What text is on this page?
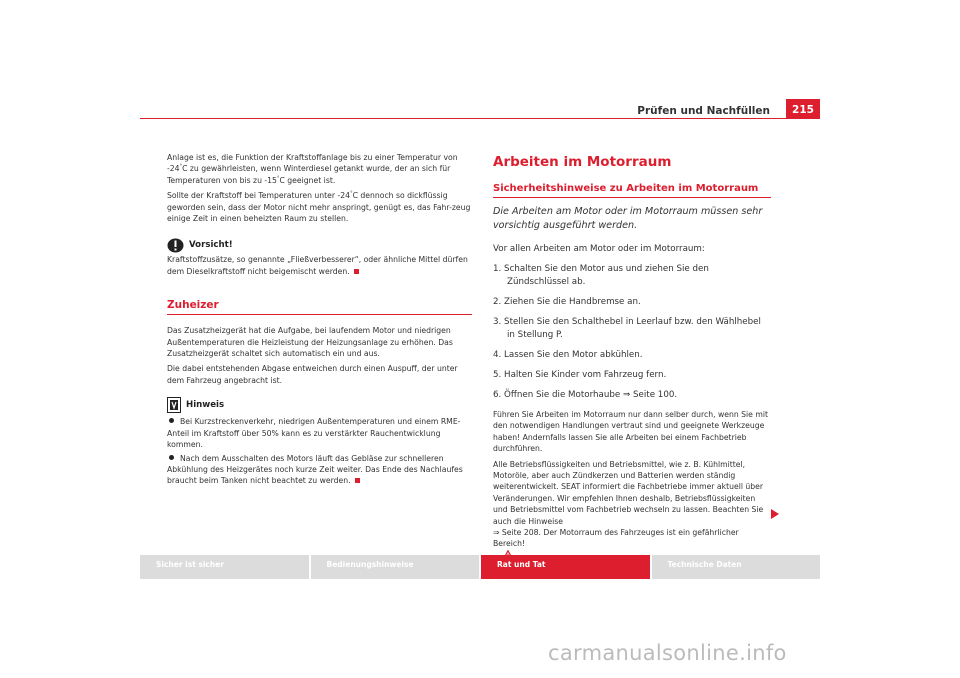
Prüfen und Nachfüllen	215

Anlage ist es, die Funktion der Kraftstoffanlage bis zu einer Temperatur von -24°C zu gewährleisten, wenn Winterdiesel getankt wurde, der an sich für Temperaturen von bis zu -15°C geeignet ist.

Sollte der Kraftstoff bei Temperaturen unter -24°C dennoch so dickflüssig geworden sein, dass der Motor nicht mehr anspringt, genügt es, das Fahr-zeug einige Zeit in einen beheizten Raum zu stellen.

Vorsicht!

Kraftstoffzusätze, so genannte „Fließverbesserer“, oder ähnliche Mittel dürfen dem Dieselkraftstoff nicht beigemischt werden.

Zuheizer

Das Zusatzheizgerät hat die Aufgabe, bei laufendem Motor und niedrigen Außentemperaturen die Heizleistung der Heizungsanlage zu erhöhen. Das Zusatzheizgerät schaltet sich automatisch ein und aus.

Die dabei entstehenden Abgase entweichen durch einen Auspuff, der unter dem Fahrzeug angebracht ist.

Hinweis
Bei Kurzstreckenverkehr, niedrigen Außentemperaturen und einem RME-Anteil im Kraftstoff über 50% kann es zu verstärkter Rauchentwicklung kommen.
Nach dem Ausschalten des Motors läuft das Gebläse zur schnelleren Abkühlung des Heizgerätes noch kurze Zeit weiter. Das Ende des Nachlaufes braucht beim Tanken nicht beachtet zu werden.
Arbeiten im Motorraum
Sicherheitshinweise zu Arbeiten im Motorraum
Die Arbeiten am Motor oder im Motorraum müssen sehr vorsichtig ausgeführt werden.
Vor allen Arbeiten am Motor oder im Motorraum:
1. Schalten Sie den Motor aus und ziehen Sie den Zündschlüssel ab.
2. Ziehen Sie die Handbremse an.
3. Stellen Sie den Schalthebel in Leerlauf bzw. den Wählhebel in Stellung P.
4. Lassen Sie den Motor abkühlen.
5. Halten Sie Kinder vom Fahrzeug fern.
6. Öffnen Sie die Motorhaube ⇒ Seite 100.

Führen Sie Arbeiten im Motorraum nur dann selber durch, wenn Sie mit den notwendigen Handlungen vertraut sind und geeignete Werkzeuge haben! Andernfalls lassen Sie alle Arbeiten bei einem Fachbetrieb durchführen.

Alle Betriebsflüssigkeiten und Betriebsmittel, wie z. B. Kühlmittel, Motoröle, aber auch Zündkerzen und Batterien werden ständig weiterentwickelt. SEAT informiert die Fachbetriebe immer aktuell über Veränderungen. Wir empfehlen Ihnen deshalb, Betriebsflüssigkeiten und Betriebsmittel vom Fachbetrieb wechseln zu lassen. Beachten Sie auch die Hinweise
⇒ Seite 208. Der Motorraum des Fahrzeuges ist ein gefährlicher Bereich!

Sicher ist sicher	Bedienungshinweise	Rat und Tat	Technische Daten
carmanualsonline.info
